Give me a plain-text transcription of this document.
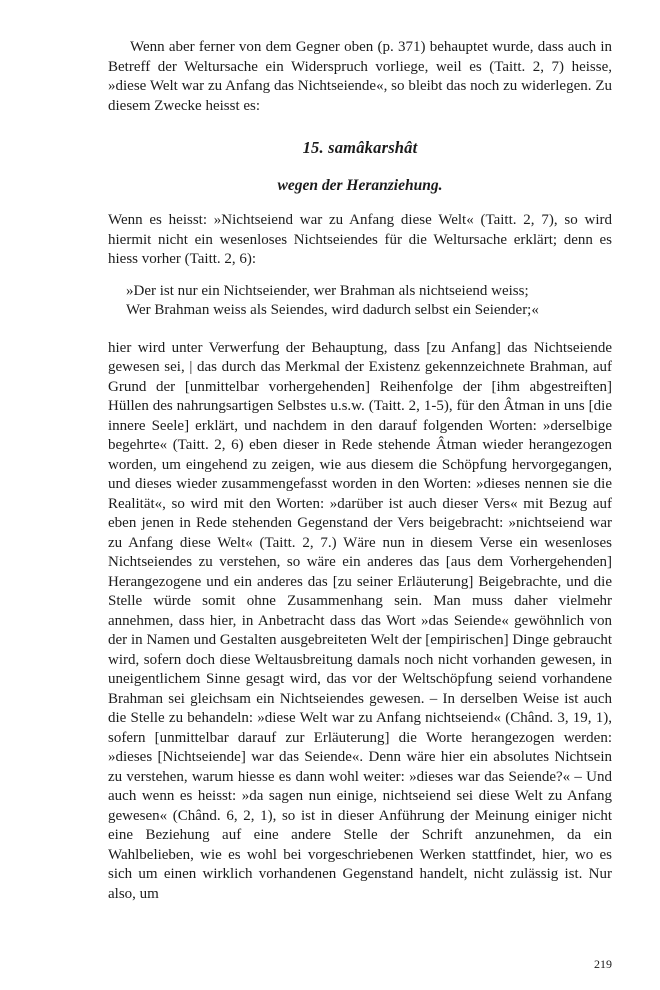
Wenn aber ferner von dem Gegner oben (p. 371) behauptet wurde, dass auch in Betreff der Weltursache ein Widerspruch vorliege, weil es (Taitt. 2, 7) heisse, »diese Welt war zu Anfang das Nichtseiende«, so bleibt das noch zu widerlegen. Zu diesem Zwecke heisst es:

15. samâkarshât
wegen der Heranziehung.

Wenn es heisst: »Nichtseiend war zu Anfang diese Welt« (Taitt. 2, 7), so wird hiermit nicht ein wesenloses Nichtseiendes für die Weltursache erklärt; denn es hiess vorher (Taitt. 2, 6):

»Der ist nur ein Nichtseiender, wer Brahman als nichtseiend weiss;
Wer Brahman weiss als Seiendes, wird dadurch selbst ein Seiender;«

hier wird unter Verwerfung der Behauptung, dass [zu Anfang] das Nichtseiende gewesen sei, | das durch das Merkmal der Existenz gekennzeichnete Brahman, auf Grund der [unmittelbar vorhergehenden] Reihenfolge der [ihm abgestreiften] Hüllen des nahrungsartigen Selbstes u.s.w. (Taitt. 2, 1-5), für den Âtman in uns [die innere Seele] erklärt, und nachdem in den darauf folgenden Worten: »derselbige begehrte« (Taitt. 2, 6) eben dieser in Rede stehende Âtman wieder herangezogen worden, um eingehend zu zeigen, wie aus diesem die Schöpfung hervorgegangen, und dieses wieder zusammengefasst worden in den Worten: »dieses nennen sie die Realität«, so wird mit den Worten: »darüber ist auch dieser Vers« mit Bezug auf eben jenen in Rede stehenden Gegenstand der Vers beigebracht: »nichtseiend war zu Anfang diese Welt« (Taitt. 2, 7.) Wäre nun in diesem Verse ein wesenloses Nichtseiendes zu verstehen, so wäre ein anderes das [aus dem Vorhergehenden] Herangezogene und ein anderes das [zu seiner Erläuterung] Beigebrachte, und die Stelle würde somit ohne Zusammenhang sein. Man muss daher vielmehr annehmen, dass hier, in Anbetracht dass das Wort »das Seiende« gewöhnlich von der in Namen und Gestalten ausgebreiteten Welt der [empirischen] Dinge gebraucht wird, sofern doch diese Weltausbreitung damals noch nicht vorhanden gewesen, in uneigentlichem Sinne gesagt wird, das vor der Weltschöpfung seiend vorhandene Brahman sei gleichsam ein Nichtseiendes gewesen. – In derselben Weise ist auch die Stelle zu behandeln: »diese Welt war zu Anfang nichtseiend« (Chând. 3, 19, 1), sofern [unmittelbar darauf zur Erläuterung] die Worte herangezogen werden: »dieses [Nichtseiende] war das Seiende«. Denn wäre hier ein absolutes Nichtsein zu verstehen, warum hiesse es dann wohl weiter: »dieses war das Seiende?« – Und auch wenn es heisst: »da sagen nun einige, nichtseiend sei diese Welt zu Anfang gewesen« (Chând. 6, 2, 1), so ist in dieser Anführung der Meinung einiger nicht eine Beziehung auf eine andere Stelle der Schrift anzunehmen, da ein Wahlbelieben, wie es wohl bei vorgeschriebenen Werken stattfindet, hier, wo es sich um einen wirklich vorhandenen Gegenstand handelt, nicht zulässig ist. Nur also, um

219
